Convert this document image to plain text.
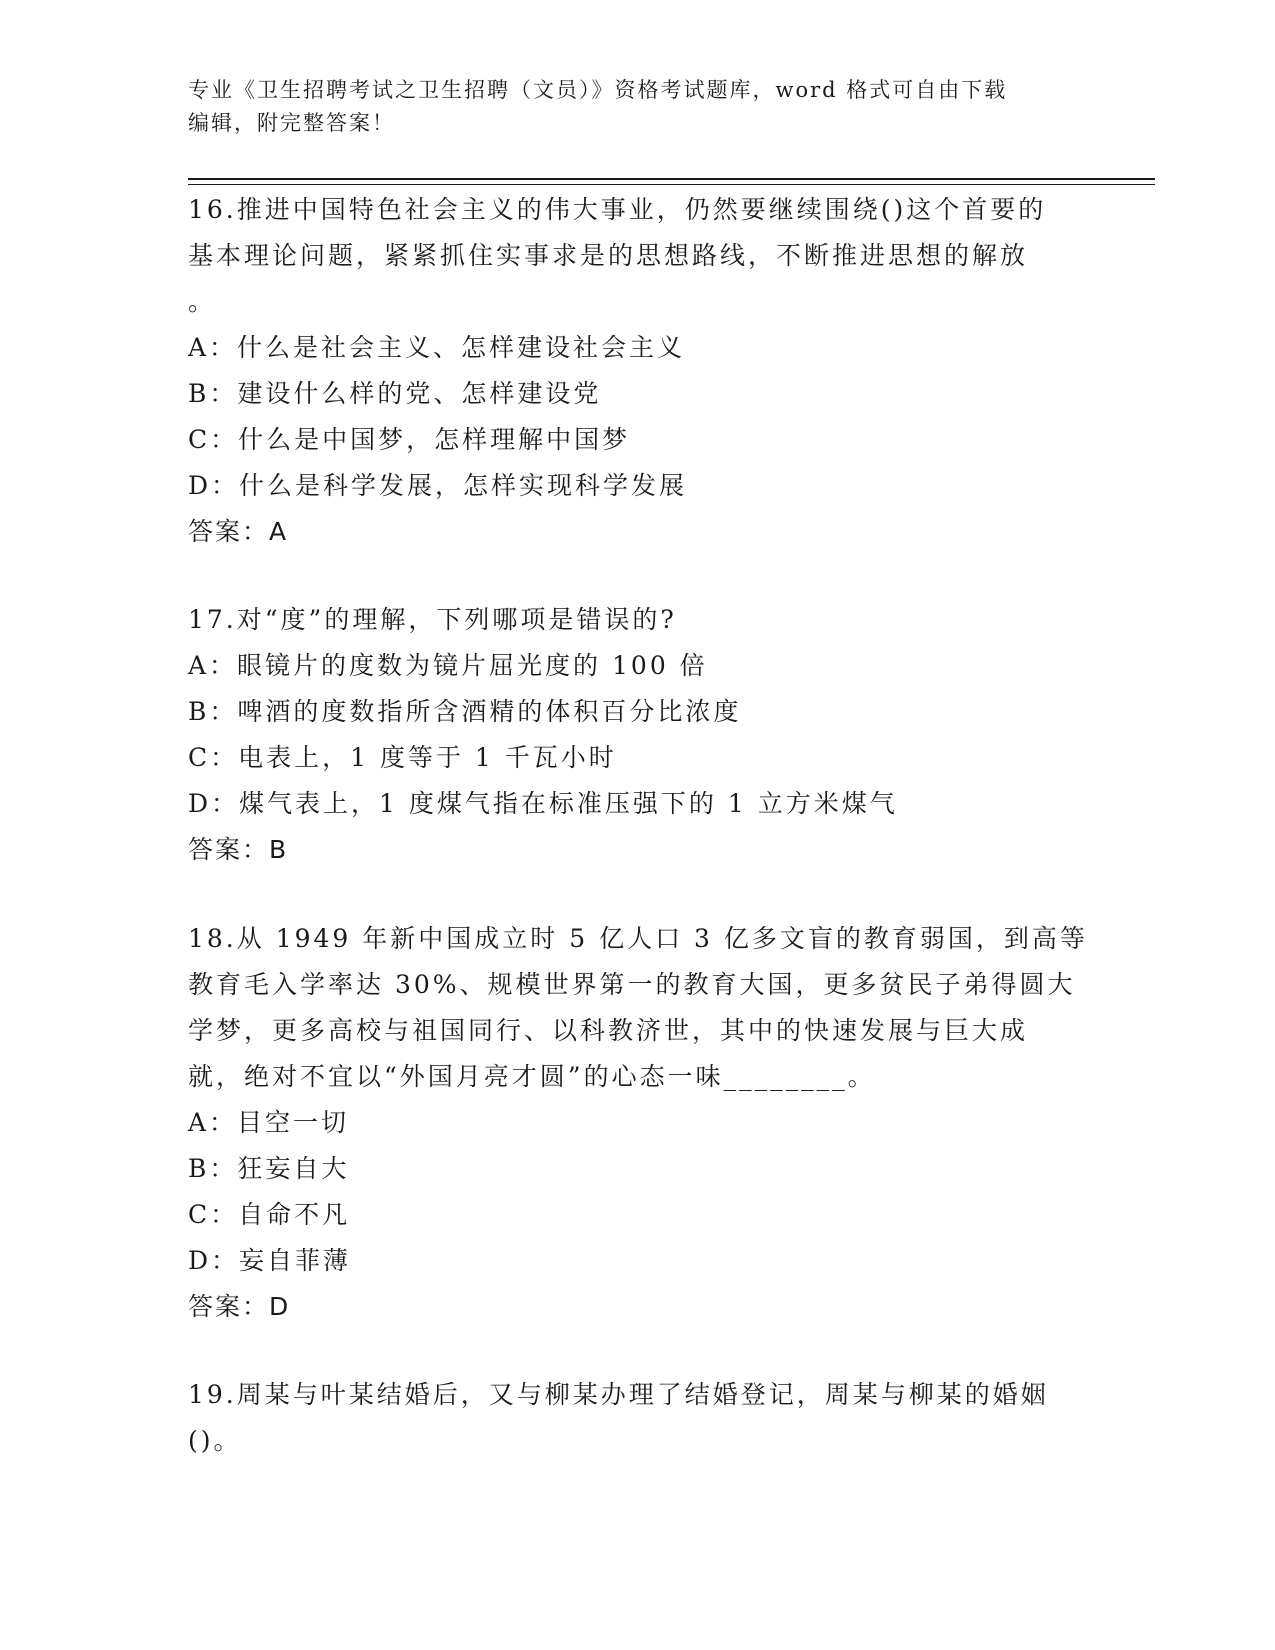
专业《卫生招聘考试之卫生招聘（文员）》资格考试题库，word 格式可自由下载
编辑，附完整答案！
16.推进中国特色社会主义的伟大事业，仍然要继续围绕()这个首要的
基本理论问题，紧紧抓住实事求是的思想路线，不断推进思想的解放
。
A：什么是社会主义、怎样建设社会主义
B：建设什么样的党、怎样建设党
C：什么是中国梦，怎样理解中国梦
D：什么是科学发展，怎样实现科学发展
答案：A
17.对“度”的理解，下列哪项是错误的?
A：眼镜片的度数为镜片屈光度的 100 倍
B：啤酒的度数指所含酒精的体积百分比浓度
C：电表上，1 度等于 1 千瓦小时
D：煤气表上，1 度煤气指在标准压强下的 1 立方米煤气
答案：B
18.从 1949 年新中国成立时 5 亿人口 3 亿多文盲的教育弱国，到高等
教育毛入学率达 30%、规模世界第一的教育大国，更多贫民子弟得圆大
学梦，更多高校与祖国同行、以科教济世，其中的快速发展与巨大成
就，绝对不宜以“外国月亮才圆”的心态一味________。
A：目空一切
B：狂妄自大
C：自命不凡
D：妄自菲薄
答案：D
19.周某与叶某结婚后，又与柳某办理了结婚登记，周某与柳某的婚姻
()。
